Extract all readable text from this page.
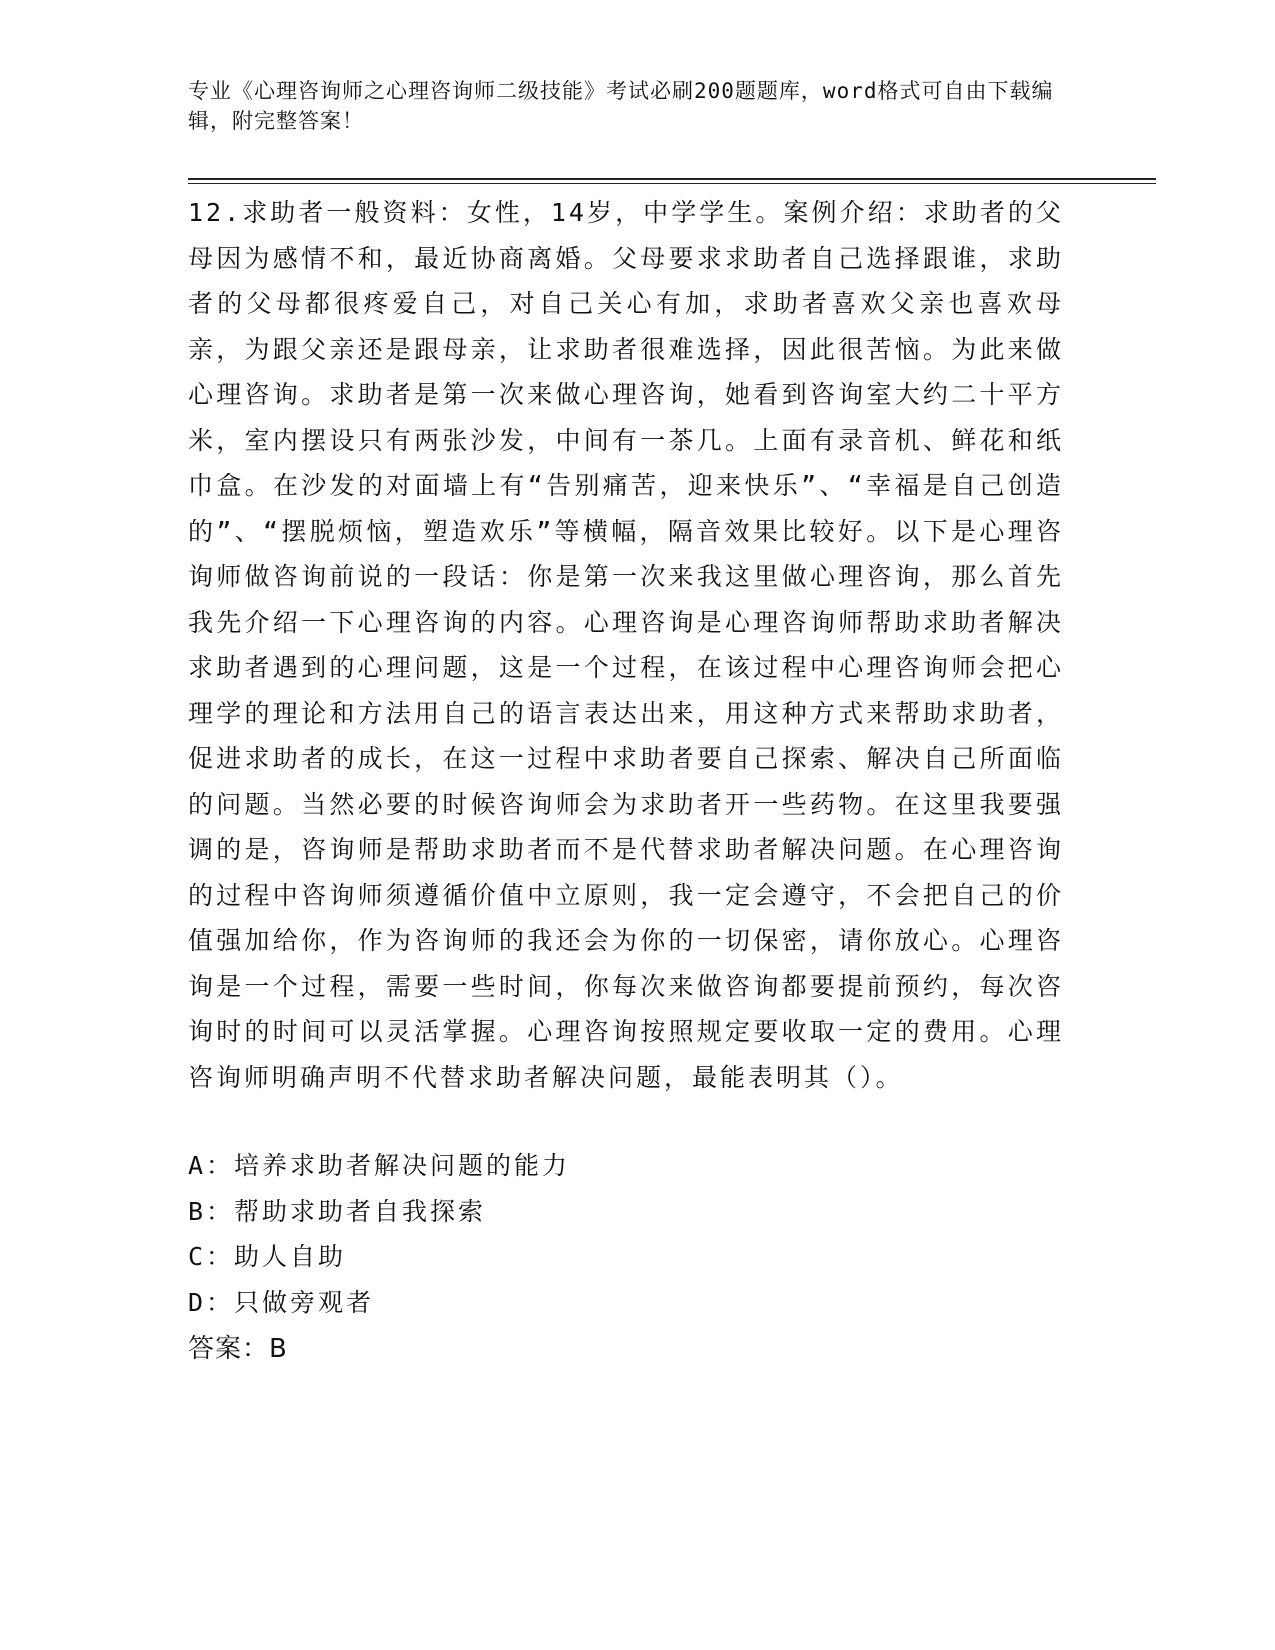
专业《心理咨询师之心理咨询师二级技能》考试必刷200题题库，word格式可自由下载编辑，附完整答案！
12.求助者一般资料：女性，14岁，中学学生。案例介绍：求助者的父母因为感情不和，最近协商离婚。父母要求求助者自己选择跟谁，求助者的父母都很疼爱自己，对自己关心有加，求助者喜欢父亲也喜欢母亲，为跟父亲还是跟母亲，让求助者很难选择，因此很苦恼。为此来做心理咨询。求助者是第一次来做心理咨询，她看到咨询室大约二十平方米，室内摆设只有两张沙发，中间有一茶几。上面有录音机、鲜花和纸巾盒。在沙发的对面墙上有“告别痛苦，迎来快乐”、“幸福是自己创造的”、“摆脱烦恼，塑造欢乐”等横幅，隔音效果比较好。以下是心理咨询师做咨询前说的一段话：你是第一次来我这里做心理咨询，那么首先我先介绍一下心理咨询的内容。心理咨询是心理咨询师帮助求助者解决求助者遇到的心理问题，这是一个过程，在该过程中心理咨询师会把心理学的理论和方法用自己的语言表达出来，用这种方式来帮助求助者，促进求助者的成长，在这一过程中求助者要自己探索、解决自己所面临的问题。当然必要的时候咨询师会为求助者开一些药物。在这里我要强调的是，咨询师是帮助求助者而不是代替求助者解决问题。在心理咨询的过程中咨询师须遵循价值中立原则，我一定会遵守，不会把自己的价值强加给你，作为咨询师的我还会为你的一切保密，请你放心。心理咨询是一个过程，需要一些时间，你每次来做咨询都要提前预约，每次咨询时的时间可以灵活掌握。心理咨询按照规定要收取一定的费用。心理咨询师明确声明不代替求助者解决问题，最能表明其（）。
A：培养求助者解决问题的能力
B：帮助求助者自我探索
C：助人自助
D：只做旁观者
答案：B
